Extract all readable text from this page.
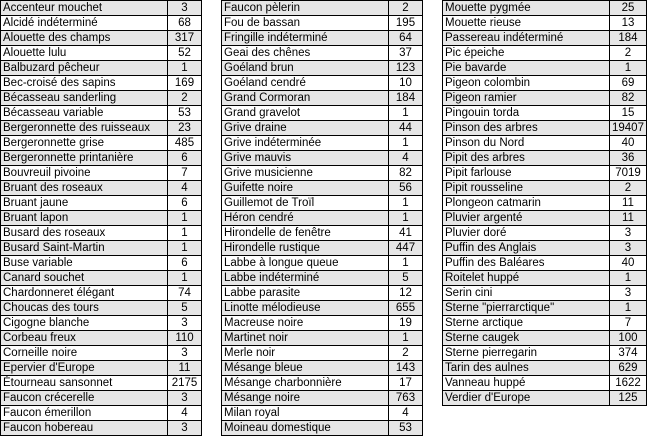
Accenteur mouchet	3
Alcidé indéterminé	68
Alouette des champs	317
Alouette lulu	52
Balbuzard pêcheur	1
Bec-croisé des sapins	169
Bécasseau sanderling	2
Bécasseau variable	53
Bergeronnette des ruisseaux	23
Bergeronnette grise	485
Bergeronnette printanière	6
Bouvreuil pivoine	7
Bruant des roseaux	4
Bruant jaune	6
Bruant lapon	1
Busard des roseaux	1
Busard Saint-Martin	1
Buse variable	6
Canard souchet	1
Chardonneret élégant	74
Choucas des tours	5
Cigogne blanche	3
Corbeau freux	110
Corneille noire	3
Epervier d'Europe	11
Étourneau sansonnet	2175
Faucon crécerelle	3
Faucon émerillon	4
Faucon hobereau	3
Faucon pèlerin	2
Fou de bassan	195
Fringille indéterminé	64
Geai des chênes	37
Goéland brun	123
Goéland cendré	10
Grand Cormoran	184
Grand gravelot	1
Grive draine	44
Grive indéterminée	1
Grive mauvis	4
Grive musicienne	82
Guifette noire	56
Guillemot de Troïl	1
Héron cendré	1
Hirondelle de fenêtre	41
Hirondelle rustique	447
Labbe à longue queue	1
Labbe indéterminé	5
Labbe parasite	12
Linotte mélodieuse	655
Macreuse noire	19
Martinet noir	1
Merle noir	2
Mésange bleue	143
Mésange charbonnière	17
Mésange noire	763
Milan royal	4
Moineau domestique	53
Mouette pygmée	25
Mouette rieuse	13
Passereau indéterminé	184
Pic épeiche	2
Pie bavarde	1
Pigeon colombin	69
Pigeon ramier	82
Pingouin torda	15
Pinson des arbres	19407
Pinson du Nord	40
Pipit des arbres	36
Pipit farlouse	7019
Pipit rousseline	2
Plongeon catmarin	11
Pluvier argenté	11
Pluvier doré	3
Puffin des Anglais	3
Puffin des Baléares	40
Roitelet huppé	1
Serin cini	3
Sterne "pierrarctique"	1
Sterne arctique	7
Sterne caugek	100
Sterne pierregarin	374
Tarin des aulnes	629
Vanneau huppé	1622
Verdier d'Europe	125
